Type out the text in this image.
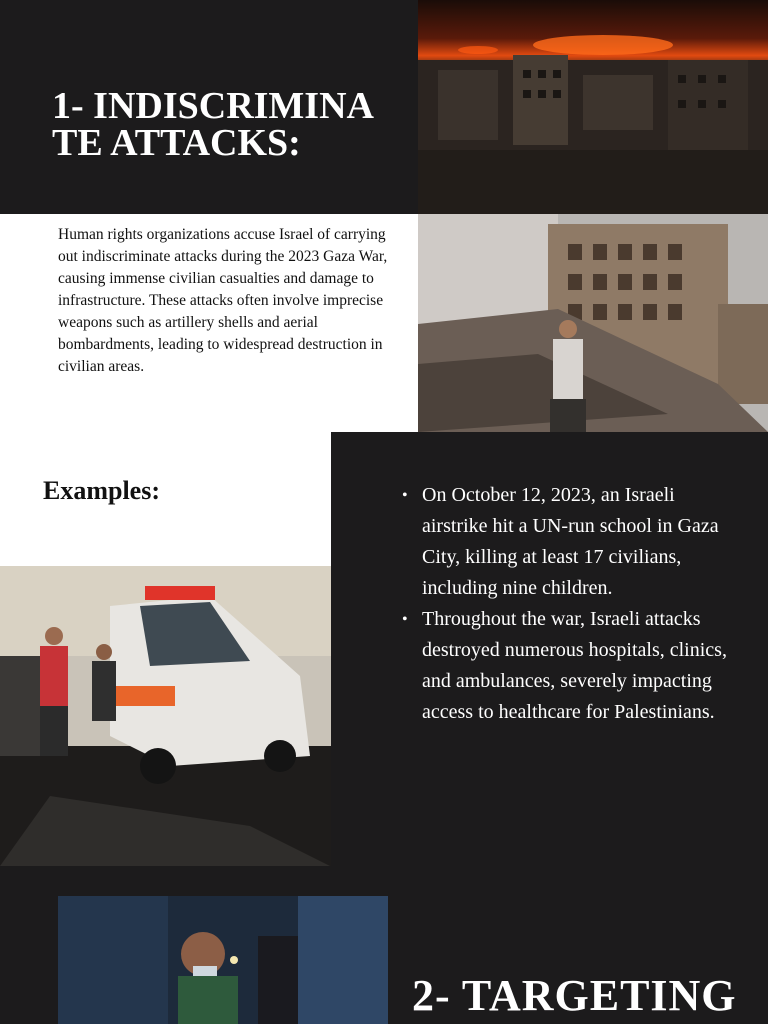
1- INDISCRIMINATE ATTACKS:

Human rights organizations accuse Israel of carrying out indiscriminate attacks during the 2023 Gaza War, causing immense civilian casualties and damage to infrastructure. These attacks often involve imprecise weapons such as artillery shells and aerial bombardments, leading to widespread destruction in civilian areas.

Examples:
•	On October 12, 2023, an Israeli airstrike hit a UN-run school in Gaza City, killing at least 17 civilians, including nine children.
• Throughout the war, Israeli attacks destroyed numerous hospitals, clinics, and ambulances, severely impacting access to healthcare for Palestinians.
2- TARGETING
